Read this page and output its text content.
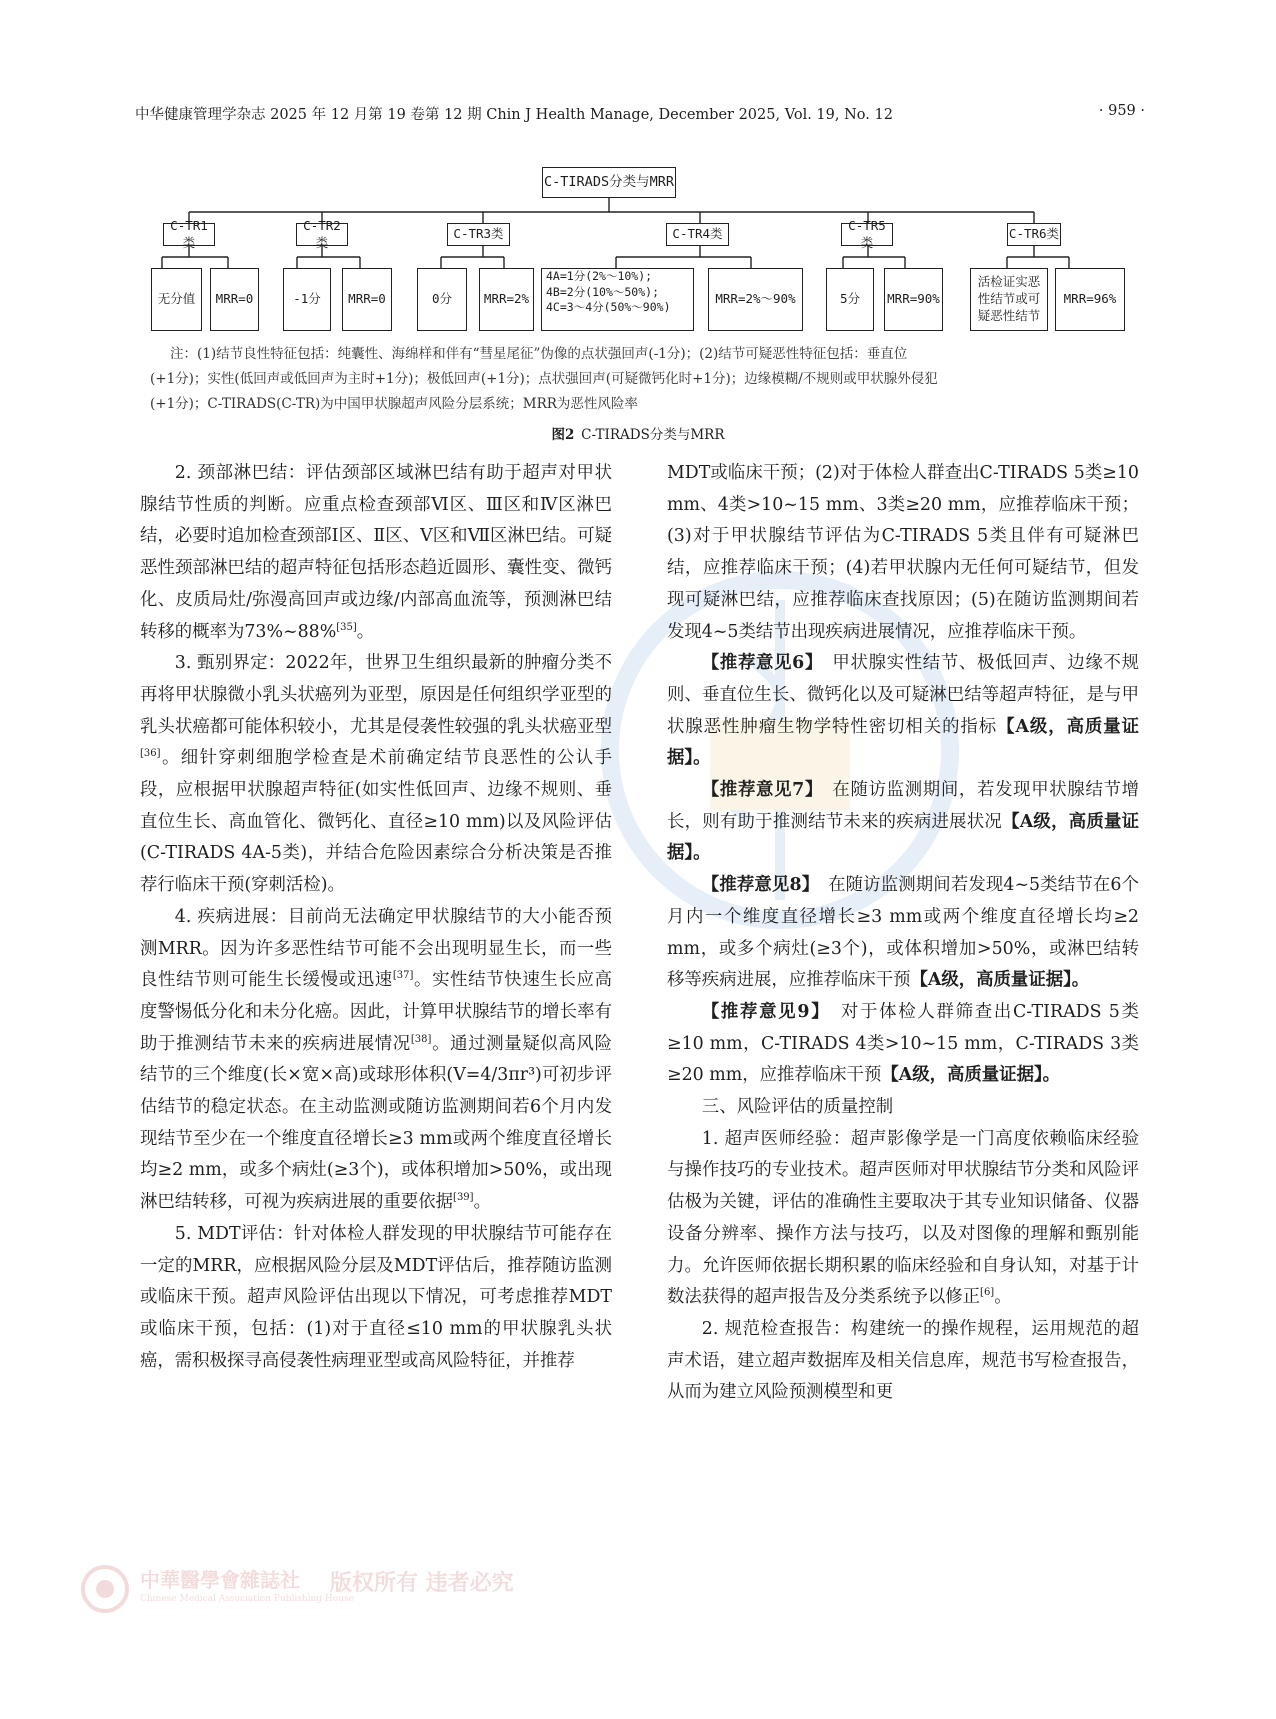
中华健康管理学杂志 2025 年 12 月第 19 卷第 12 期 Chin J Health Manage, December 2025, Vol. 19, No. 12	· 959 ·
C-TIRADS分类与MRR
C-TR1类
C-TR2类
C-TR3类	C-TR4类
C-TR5类
C-TR6类
无分值	MRR=0	-1分	MRR=0	0分	MRR=2%
4A=1分(2%～10%);
4B=2分(10%～50%);
4C=3～4分(50%～90%)
MRR=2%～90%	5分	MRR=90%
活检证实恶
性结节或可
疑恶性结节
MRR=96%

注：(1)结节良性特征包括：纯囊性、海绵样和伴有“彗星尾征”伪像的点状强回声(-1分)；(2)结节可疑恶性特征包括：垂直位

(+1分)；实性(低回声或低回声为主时+1分)；极低回声(+1分)；点状强回声(可疑微钙化时+1分)；边缘模糊/不规则或甲状腺外侵犯

(+1分)；C-TIRADS(C-TR)为中国甲状腺超声风险分层系统；MRR为恶性风险率

图2  C-TIRADS分类与MRR

2. 颈部淋巴结：评估颈部区域淋巴结有助于超声对甲状腺结节性质的判断。应重点检查颈部Ⅵ区、Ⅲ区和Ⅳ区淋巴结，必要时追加检查颈部Ⅰ区、Ⅱ区、Ⅴ区和Ⅶ区淋巴结。可疑恶性颈部淋巴结的超声特征包括形态趋近圆形、囊性变、微钙化、皮质局灶/弥漫高回声或边缘/内部高血流等，预测淋巴结转移的概率为73%~88%[35]。

3. 甄别界定：2022年，世界卫生组织最新的肿瘤分类不再将甲状腺微小乳头状癌列为亚型，原因是任何组织学亚型的乳头状癌都可能体积较小，尤其是侵袭性较强的乳头状癌亚型[36]。细针穿刺细胞学检查是术前确定结节良恶性的公认手段，应根据甲状腺超声特征(如实性低回声、边缘不规则、垂直位生长、高血管化、微钙化、直径≥10 mm)以及风险评估(C-TIRADS 4A-5类)，并结合危险因素综合分析决策是否推荐行临床干预(穿刺活检)。

4. 疾病进展：目前尚无法确定甲状腺结节的大小能否预测MRR。因为许多恶性结节可能不会出现明显生长，而一些良性结节则可能生长缓慢或迅速[37]。实性结节快速生长应高度警惕低分化和未分化癌。因此，计算甲状腺结节的增长率有助于推测结节未来的疾病进展情况[38]。通过测量疑似高风险结节的三个维度(长×宽×高)或球形体积(V=4/3πr³)可初步评估结节的稳定状态。在主动监测或随访监测期间若6个月内发现结节至少在一个维度直径增长≥3 mm或两个维度直径增长均≥2 mm，或多个病灶(≥3个)，或体积增加>50%，或出现淋巴结转移，可视为疾病进展的重要依据[39]。

5. MDT评估：针对体检人群发现的甲状腺结节可能存在一定的MRR，应根据风险分层及MDT评估后，推荐随访监测或临床干预。超声风险评估出现以下情况，可考虑推荐MDT或临床干预，包括：(1)对于直径≤10 mm的甲状腺乳头状癌，需积极探寻高侵袭性病理亚型或高风险特征，并推荐

MDT或临床干预；(2)对于体检人群查出C-TIRADS 5类≥10 mm、4类>10~15 mm、3类≥20 mm，应推荐临床干预；(3)对于甲状腺结节评估为C-TIRADS 5类且伴有可疑淋巴结，应推荐临床干预；(4)若甲状腺内无任何可疑结节，但发现可疑淋巴结，应推荐临床查找原因；(5)在随访监测期间若发现4~5类结节出现疾病进展情况，应推荐临床干预。

【推荐意见6】  甲状腺实性结节、极低回声、边缘不规则、垂直位生长、微钙化以及可疑淋巴结等超声特征，是与甲状腺恶性肿瘤生物学特性密切相关的指标【A级，高质量证据】。

【推荐意见7】  在随访监测期间，若发现甲状腺结节增长，则有助于推测结节未来的疾病进展状况【A级，高质量证据】。

【推荐意见8】  在随访监测期间若发现4~5类结节在6个月内一个维度直径增长≥3 mm或两个维度直径增长均≥2 mm，或多个病灶(≥3个)，或体积增加>50%，或淋巴结转移等疾病进展，应推荐临床干预【A级，高质量证据】。

【推荐意见9】  对于体检人群筛查出C-TIRADS 5类≥10 mm，C-TIRADS 4类>10~15 mm，C-TIRADS 3类≥20 mm，应推荐临床干预【A级，高质量证据】。

三、风险评估的质量控制

1. 超声医师经验：超声影像学是一门高度依赖临床经验与操作技巧的专业技术。超声医师对甲状腺结节分类和风险评估极为关键，评估的准确性主要取决于其专业知识储备、仪器设备分辨率、操作方法与技巧，以及对图像的理解和甄别能力。允许医师依据长期积累的临床经验和自身认知，对基于计数法获得的超声报告及分类系统予以修正[6]。

2. 规范检查报告：构建统一的操作规程，运用规范的超声术语，建立超声数据库及相关信息库，规范书写检查报告，从而为建立风险预测模型和更

中華醫學會雜誌社
Chinese Medical Association Publishing House
版权所有 违者必究
